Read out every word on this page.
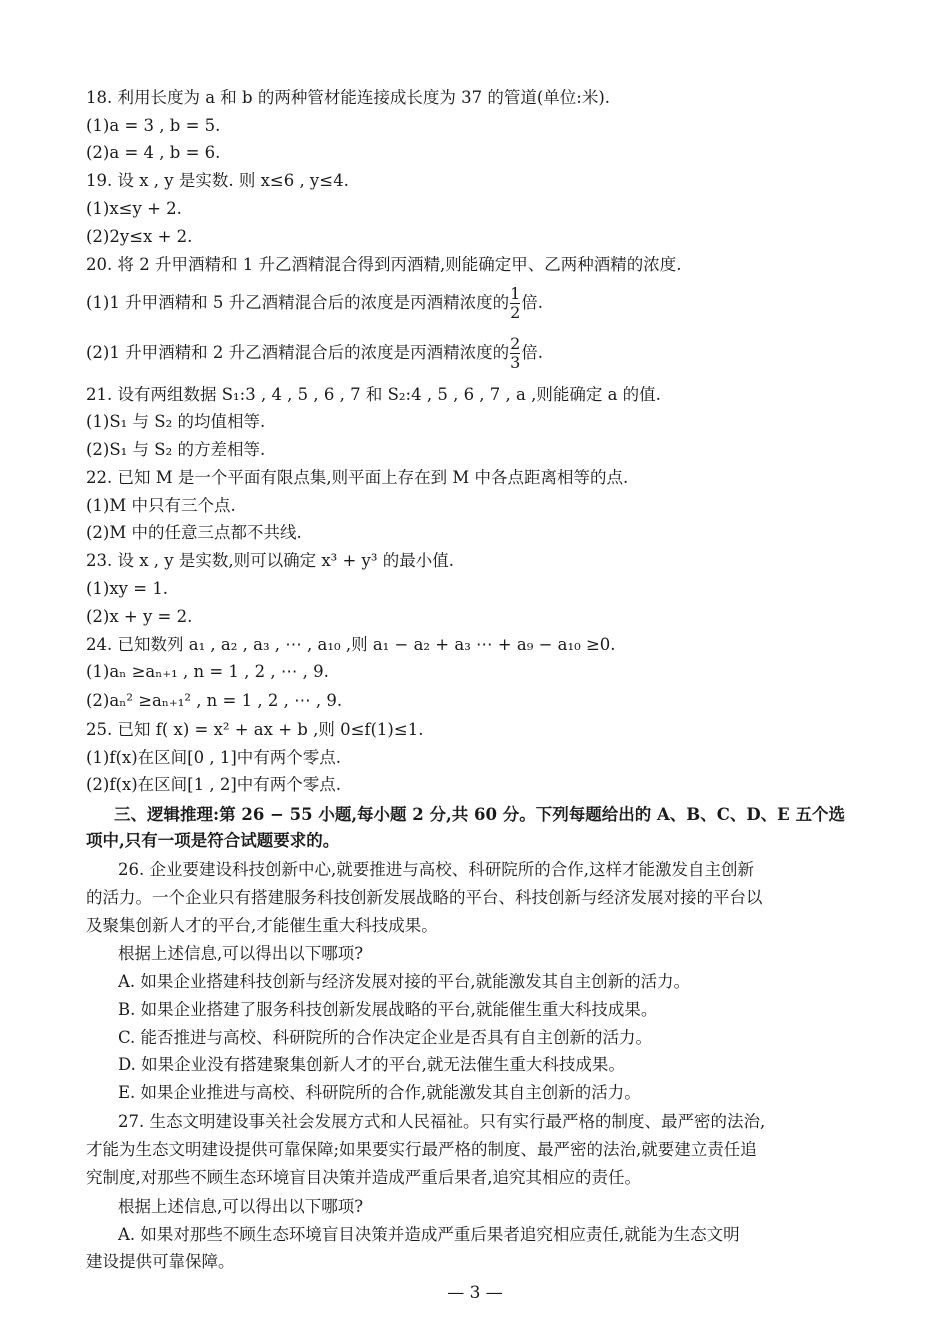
18. 利用长度为 a 和 b 的两种管材能连接成长度为 37 的管道(单位:米).
(1)a = 3 , b = 5.
(2)a = 4 , b = 6.
19. 设 x , y 是实数. 则 x≤6 , y≤4.
(1)x≤y + 2.
(2)2y≤x + 2.
20. 将 2 升甲酒精和 1 升乙酒精混合得到丙酒精,则能确定甲、乙两种酒精的浓度.
(1)1 升甲酒精和 5 升乙酒精混合后的浓度是丙酒精浓度的 $\frac{1}{2}$ 倍.
(2)1 升甲酒精和 2 升乙酒精混合后的浓度是丙酒精浓度的 $\frac{2}{3}$ 倍.
21. 设有两组数据 S₁:3 , 4 , 5 , 6 , 7 和 S₂:4 , 5 , 6 , 7 , a ,则能确定 a 的值.
(1)S₁ 与 S₂ 的均值相等.
(2)S₁ 与 S₂ 的方差相等.
22. 已知 M 是一个平面有限点集,则平面上存在到 M 中各点距离相等的点.
(1)M 中只有三个点.
(2)M 中的任意三点都不共线.
23. 设 x , y 是实数,则可以确定 x³ + y³ 的最小值.
(1)xy = 1.
(2)x + y = 2.
24. 已知数列 a₁ , a₂ , a₃ , ⋯ , a₁₀ ,则 a₁ − a₂ + a₃ ⋯ + a₉ − a₁₀ ≥0.
(1)aₙ ≥aₙ₊₁ , n = 1 , 2 , ⋯ , 9.
(2)aₙ² ≥aₙ₊₁² , n = 1 , 2 , ⋯ , 9.
25. 已知 f( x) = x² + ax + b ,则 0≤f(1)≤1.
(1)f(x)在区间[0 , 1]中有两个零点.
(2)f(x)在区间[1 , 2]中有两个零点.
三、逻辑推理:第 26 − 55 小题,每小题 2 分,共 60 分。下列每题给出的 A、B、C、D、E 五个选
项中,只有一项是符合试题要求的。
26. 企业要建设科技创新中心,就要推进与高校、科研院所的合作,这样才能激发自主创新
的活力。一个企业只有搭建服务科技创新发展战略的平台、科技创新与经济发展对接的平台以
及聚集创新人才的平台,才能催生重大科技成果。
根据上述信息,可以得出以下哪项?
A. 如果企业搭建科技创新与经济发展对接的平台,就能激发其自主创新的活力。
B. 如果企业搭建了服务科技创新发展战略的平台,就能催生重大科技成果。
C. 能否推进与高校、科研院所的合作决定企业是否具有自主创新的活力。
D. 如果企业没有搭建聚集创新人才的平台,就无法催生重大科技成果。
E. 如果企业推进与高校、科研院所的合作,就能激发其自主创新的活力。
27. 生态文明建设事关社会发展方式和人民福祉。只有实行最严格的制度、最严密的法治,
才能为生态文明建设提供可靠保障;如果要实行最严格的制度、最严密的法治,就要建立责任追
究制度,对那些不顾生态环境盲目决策并造成严重后果者,追究其相应的责任。
根据上述信息,可以得出以下哪项?
A. 如果对那些不顾生态环境盲目决策并造成严重后果者追究相应责任,就能为生态文明
建设提供可靠保障。
— 3 —
